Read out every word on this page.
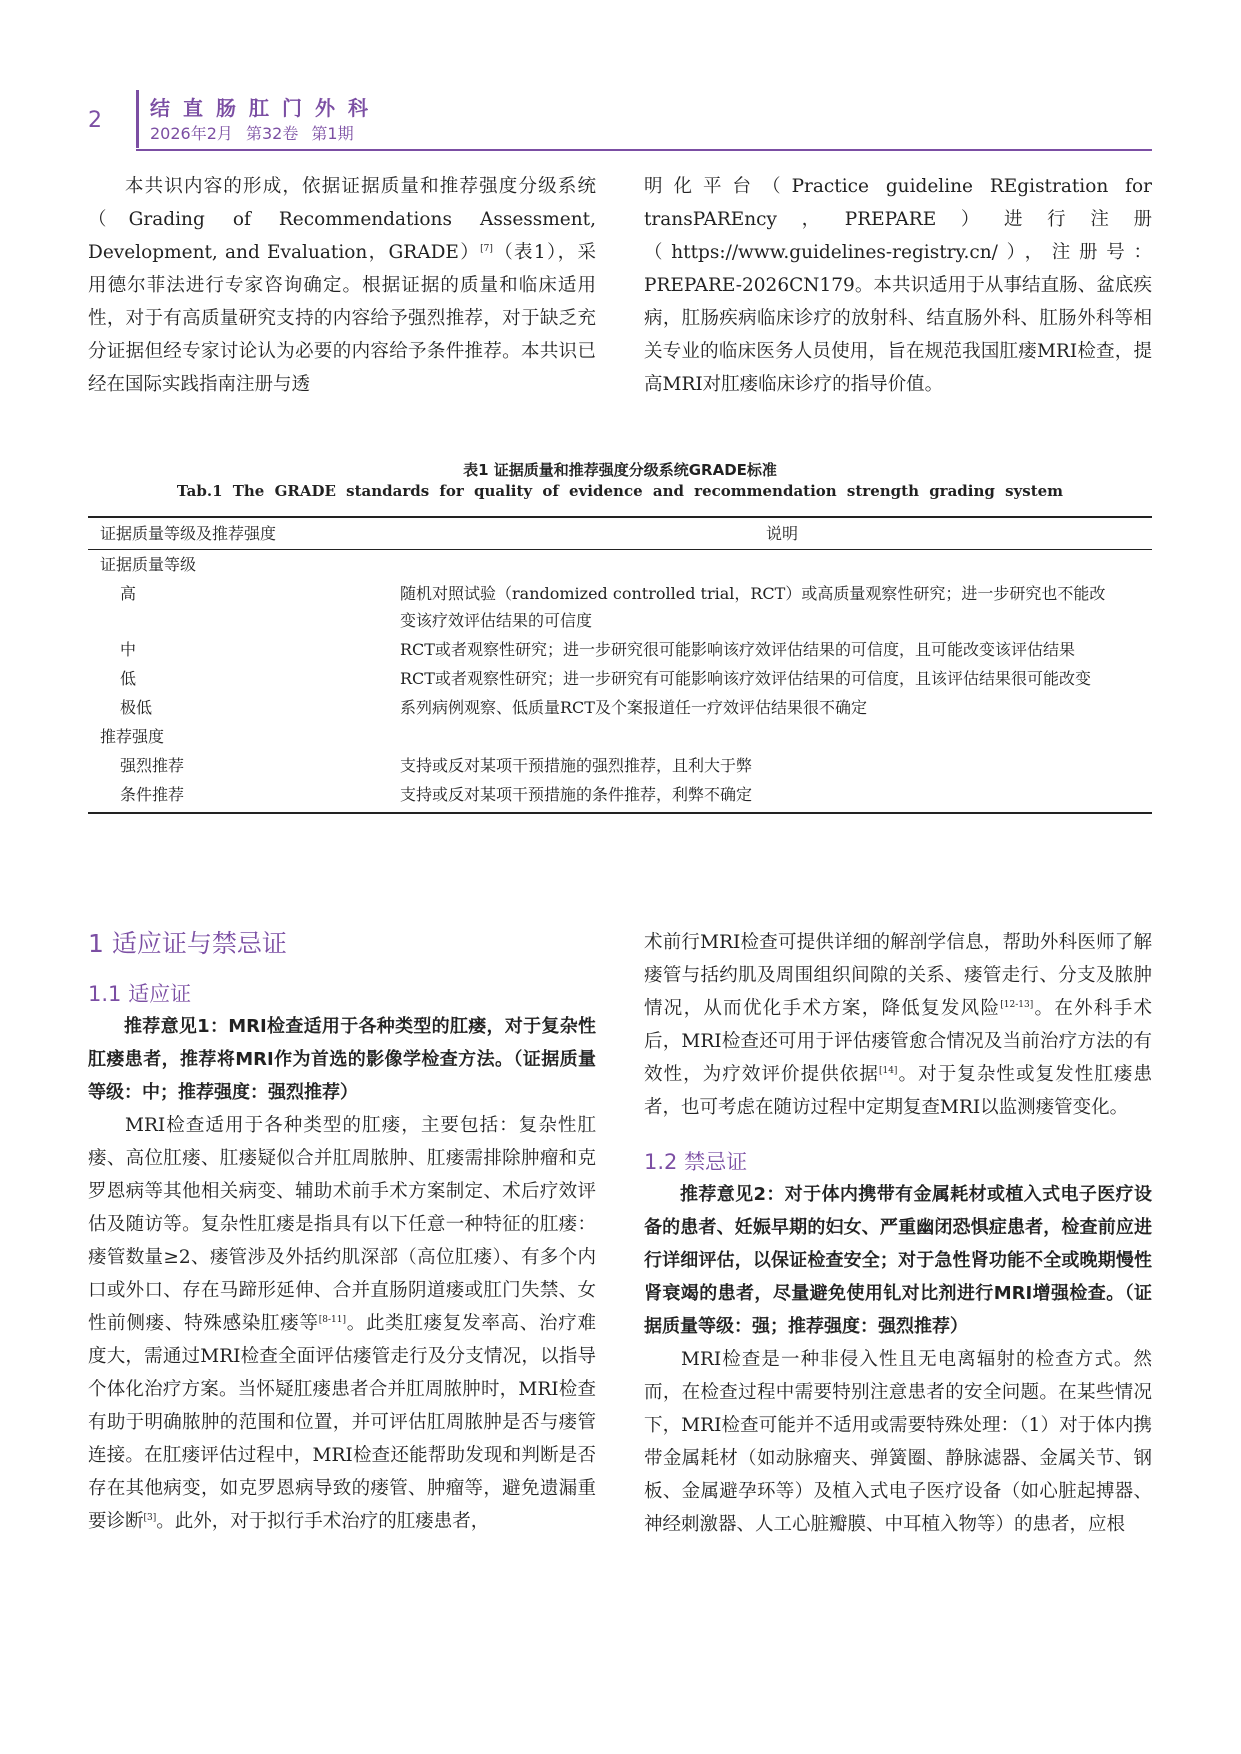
2 结直肠肛门外科
2026年2月 第32卷 第1期

本共识内容的形成，依据证据质量和推荐强度分级系统（Grading of Recommendations Assessment, Development, and Evaluation，GRADE）[7]（表1），采用德尔菲法进行专家咨询确定。根据证据的质量和临床适用性，对于有高质量研究支持的内容给予强烈推荐，对于缺乏充分证据但经专家讨论认为必要的内容给予条件推荐。本共识已经在国际实践指南注册与透

明化平台（Practice guideline REgistration for transPAREncy，PREPARE）进行注册（https://www.guidelines-registry.cn/），注册号：PREPARE-2026CN179。本共识适用于从事结直肠、盆底疾病，肛肠疾病临床诊疗的放射科、结直肠外科、肛肠外科等相关专业的临床医务人员使用，旨在规范我国肛瘘MRI检查，提高MRI对肛瘘临床诊疗的指导价值。

表1 证据质量和推荐强度分级系统GRADE标准
Tab.1 The GRADE standards for quality of evidence and recommendation strength grading system
证据质量等级及推荐强度	说明
证据质量等级	
高	随机对照试验（randomized controlled trial，RCT）或高质量观察性研究；进一步研究也不能改变该疗效评估结果的可信度
中	RCT或者观察性研究；进一步研究很可能影响该疗效评估结果的可信度，且可能改变该评估结果
低	RCT或者观察性研究；进一步研究有可能影响该疗效评估结果的可信度，且该评估结果很可能改变
极低	系列病例观察、低质量RCT及个案报道任一疗效评估结果很不确定
推荐强度	
强烈推荐	支持或反对某项干预措施的强烈推荐，且利大于弊
条件推荐	支持或反对某项干预措施的条件推荐，利弊不确定

1 适应证与禁忌证

1.1 适应证

推荐意见1：MRI检查适用于各种类型的肛瘘，对于复杂性肛瘘患者，推荐将MRI作为首选的影像学检查方法。（证据质量等级：中；推荐强度：强烈推荐）

MRI检查适用于各种类型的肛瘘，主要包括：复杂性肛瘘、高位肛瘘、肛瘘疑似合并肛周脓肿、肛瘘需排除肿瘤和克罗恩病等其他相关病变、辅助术前手术方案制定、术后疗效评估及随访等。复杂性肛瘘是指具有以下任意一种特征的肛瘘：瘘管数量≥2、瘘管涉及外括约肌深部（高位肛瘘）、有多个内口或外口、存在马蹄形延伸、合并直肠阴道瘘或肛门失禁、女性前侧瘘、特殊感染肛瘘等[8-11]。此类肛瘘复发率高、治疗难度大，需通过MRI检查全面评估瘘管走行及分支情况，以指导个体化治疗方案。当怀疑肛瘘患者合并肛周脓肿时，MRI检查有助于明确脓肿的范围和位置，并可评估肛周脓肿是否与瘘管连接。在肛瘘评估过程中，MRI检查还能帮助发现和判断是否存在其他病变，如克罗恩病导致的瘘管、肿瘤等，避免遗漏重要诊断[3]。此外，对于拟行手术治疗的肛瘘患者，

术前行MRI检查可提供详细的解剖学信息，帮助外科医师了解瘘管与括约肌及周围组织间隙的关系、瘘管走行、分支及脓肿情况，从而优化手术方案，降低复发风险[12-13]。在外科手术后，MRI检查还可用于评估瘘管愈合情况及当前治疗方法的有效性，为疗效评价提供依据[14]。对于复杂性或复发性肛瘘患者，也可考虑在随访过程中定期复查MRI以监测瘘管变化。

1.2 禁忌证

推荐意见2：对于体内携带有金属耗材或植入式电子医疗设备的患者、妊娠早期的妇女、严重幽闭恐惧症患者，检查前应进行详细评估，以保证检查安全；对于急性肾功能不全或晚期慢性肾衰竭的患者，尽量避免使用钆对比剂进行MRI增强检查。（证据质量等级：强；推荐强度：强烈推荐）

MRI检查是一种非侵入性且无电离辐射的检查方式。然而，在检查过程中需要特别注意患者的安全问题。在某些情况下，MRI检查可能并不适用或需要特殊处理：（1）对于体内携带金属耗材（如动脉瘤夹、弹簧圈、静脉滤器、金属关节、钢板、金属避孕环等）及植入式电子医疗设备（如心脏起搏器、神经刺激器、人工心脏瓣膜、中耳植入物等）的患者，应根
